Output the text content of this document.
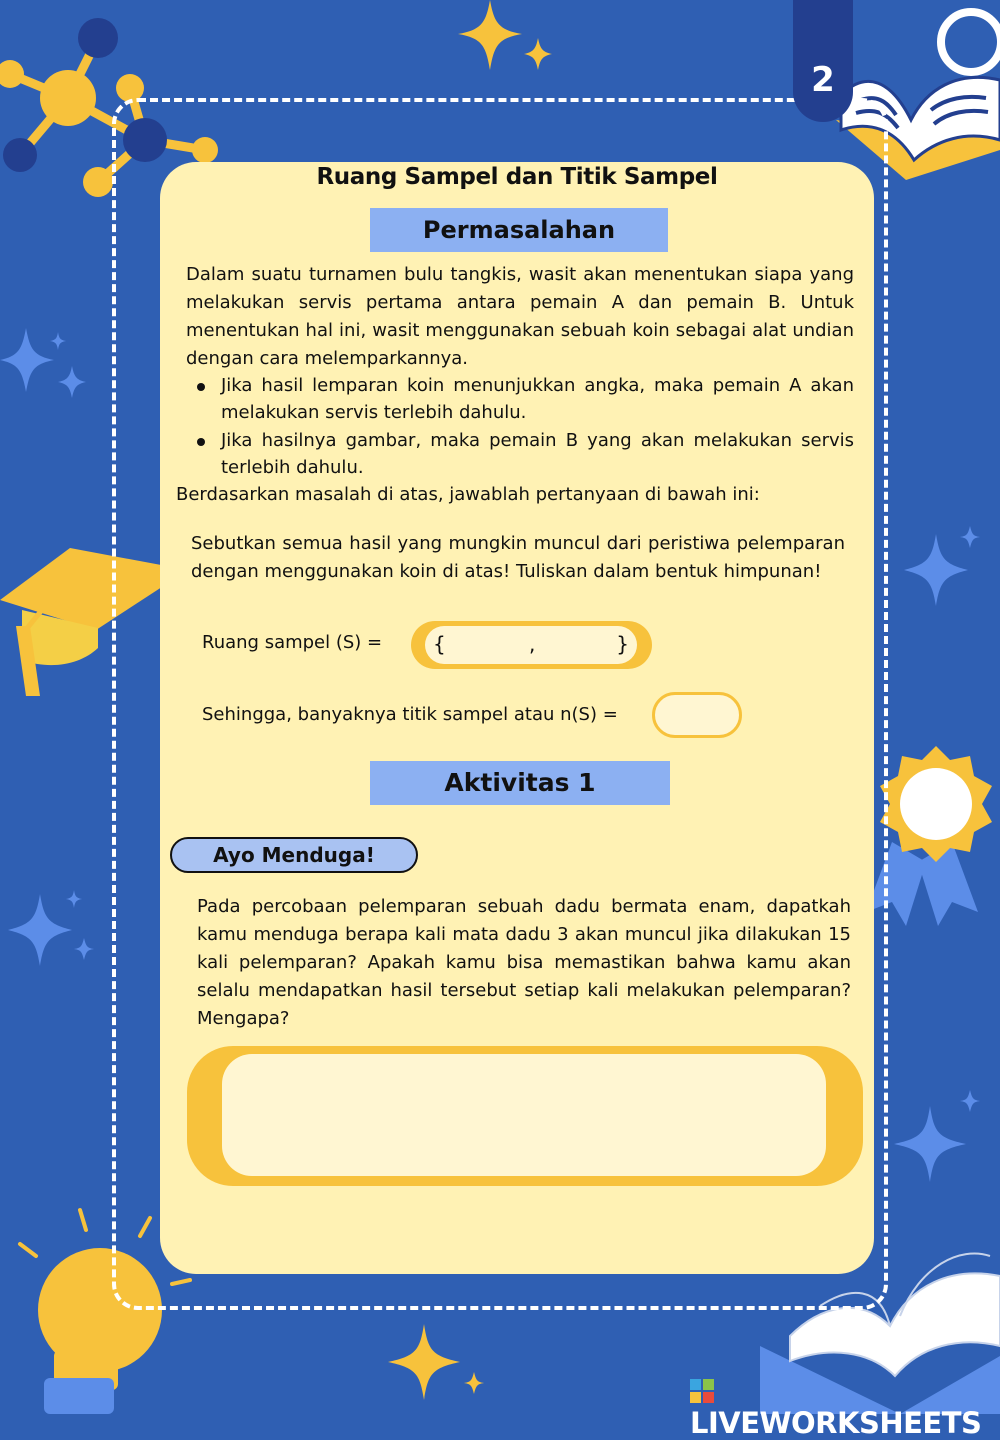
2
Ruang Sampel dan Titik Sampel
Permasalahan
Dalam suatu turnamen bulu tangkis, wasit akan menentukan siapa yang melakukan servis pertama antara pemain A dan pemain B. Untuk menentukan hal ini, wasit menggunakan sebuah koin sebagai alat undian dengan cara melemparkannya.
Jika hasil lemparan koin menunjukkan angka, maka pemain A akan melakukan servis terlebih dahulu.
Jika hasilnya gambar, maka pemain B yang akan melakukan servis terlebih dahulu.
Berdasarkan masalah di atas, jawablah pertanyaan di bawah ini:
Sebutkan semua hasil yang mungkin muncul dari peristiwa pelemparan dengan menggunakan koin di atas! Tuliskan dalam bentuk himpunan!
Ruang sampel (S) =	{	,	}
Sehingga, banyaknya titik sampel atau n(S) =
Aktivitas 1
Ayo Menduga!
Pada percobaan pelemparan sebuah dadu bermata enam, dapatkah kamu menduga berapa kali mata dadu 3 akan muncul jika dilakukan 15 kali pelemparan? Apakah kamu bisa memastikan bahwa kamu akan selalu mendapatkan hasil tersebut setiap kali melakukan pelemparan? Mengapa?
LIVEWORKSHEETS
